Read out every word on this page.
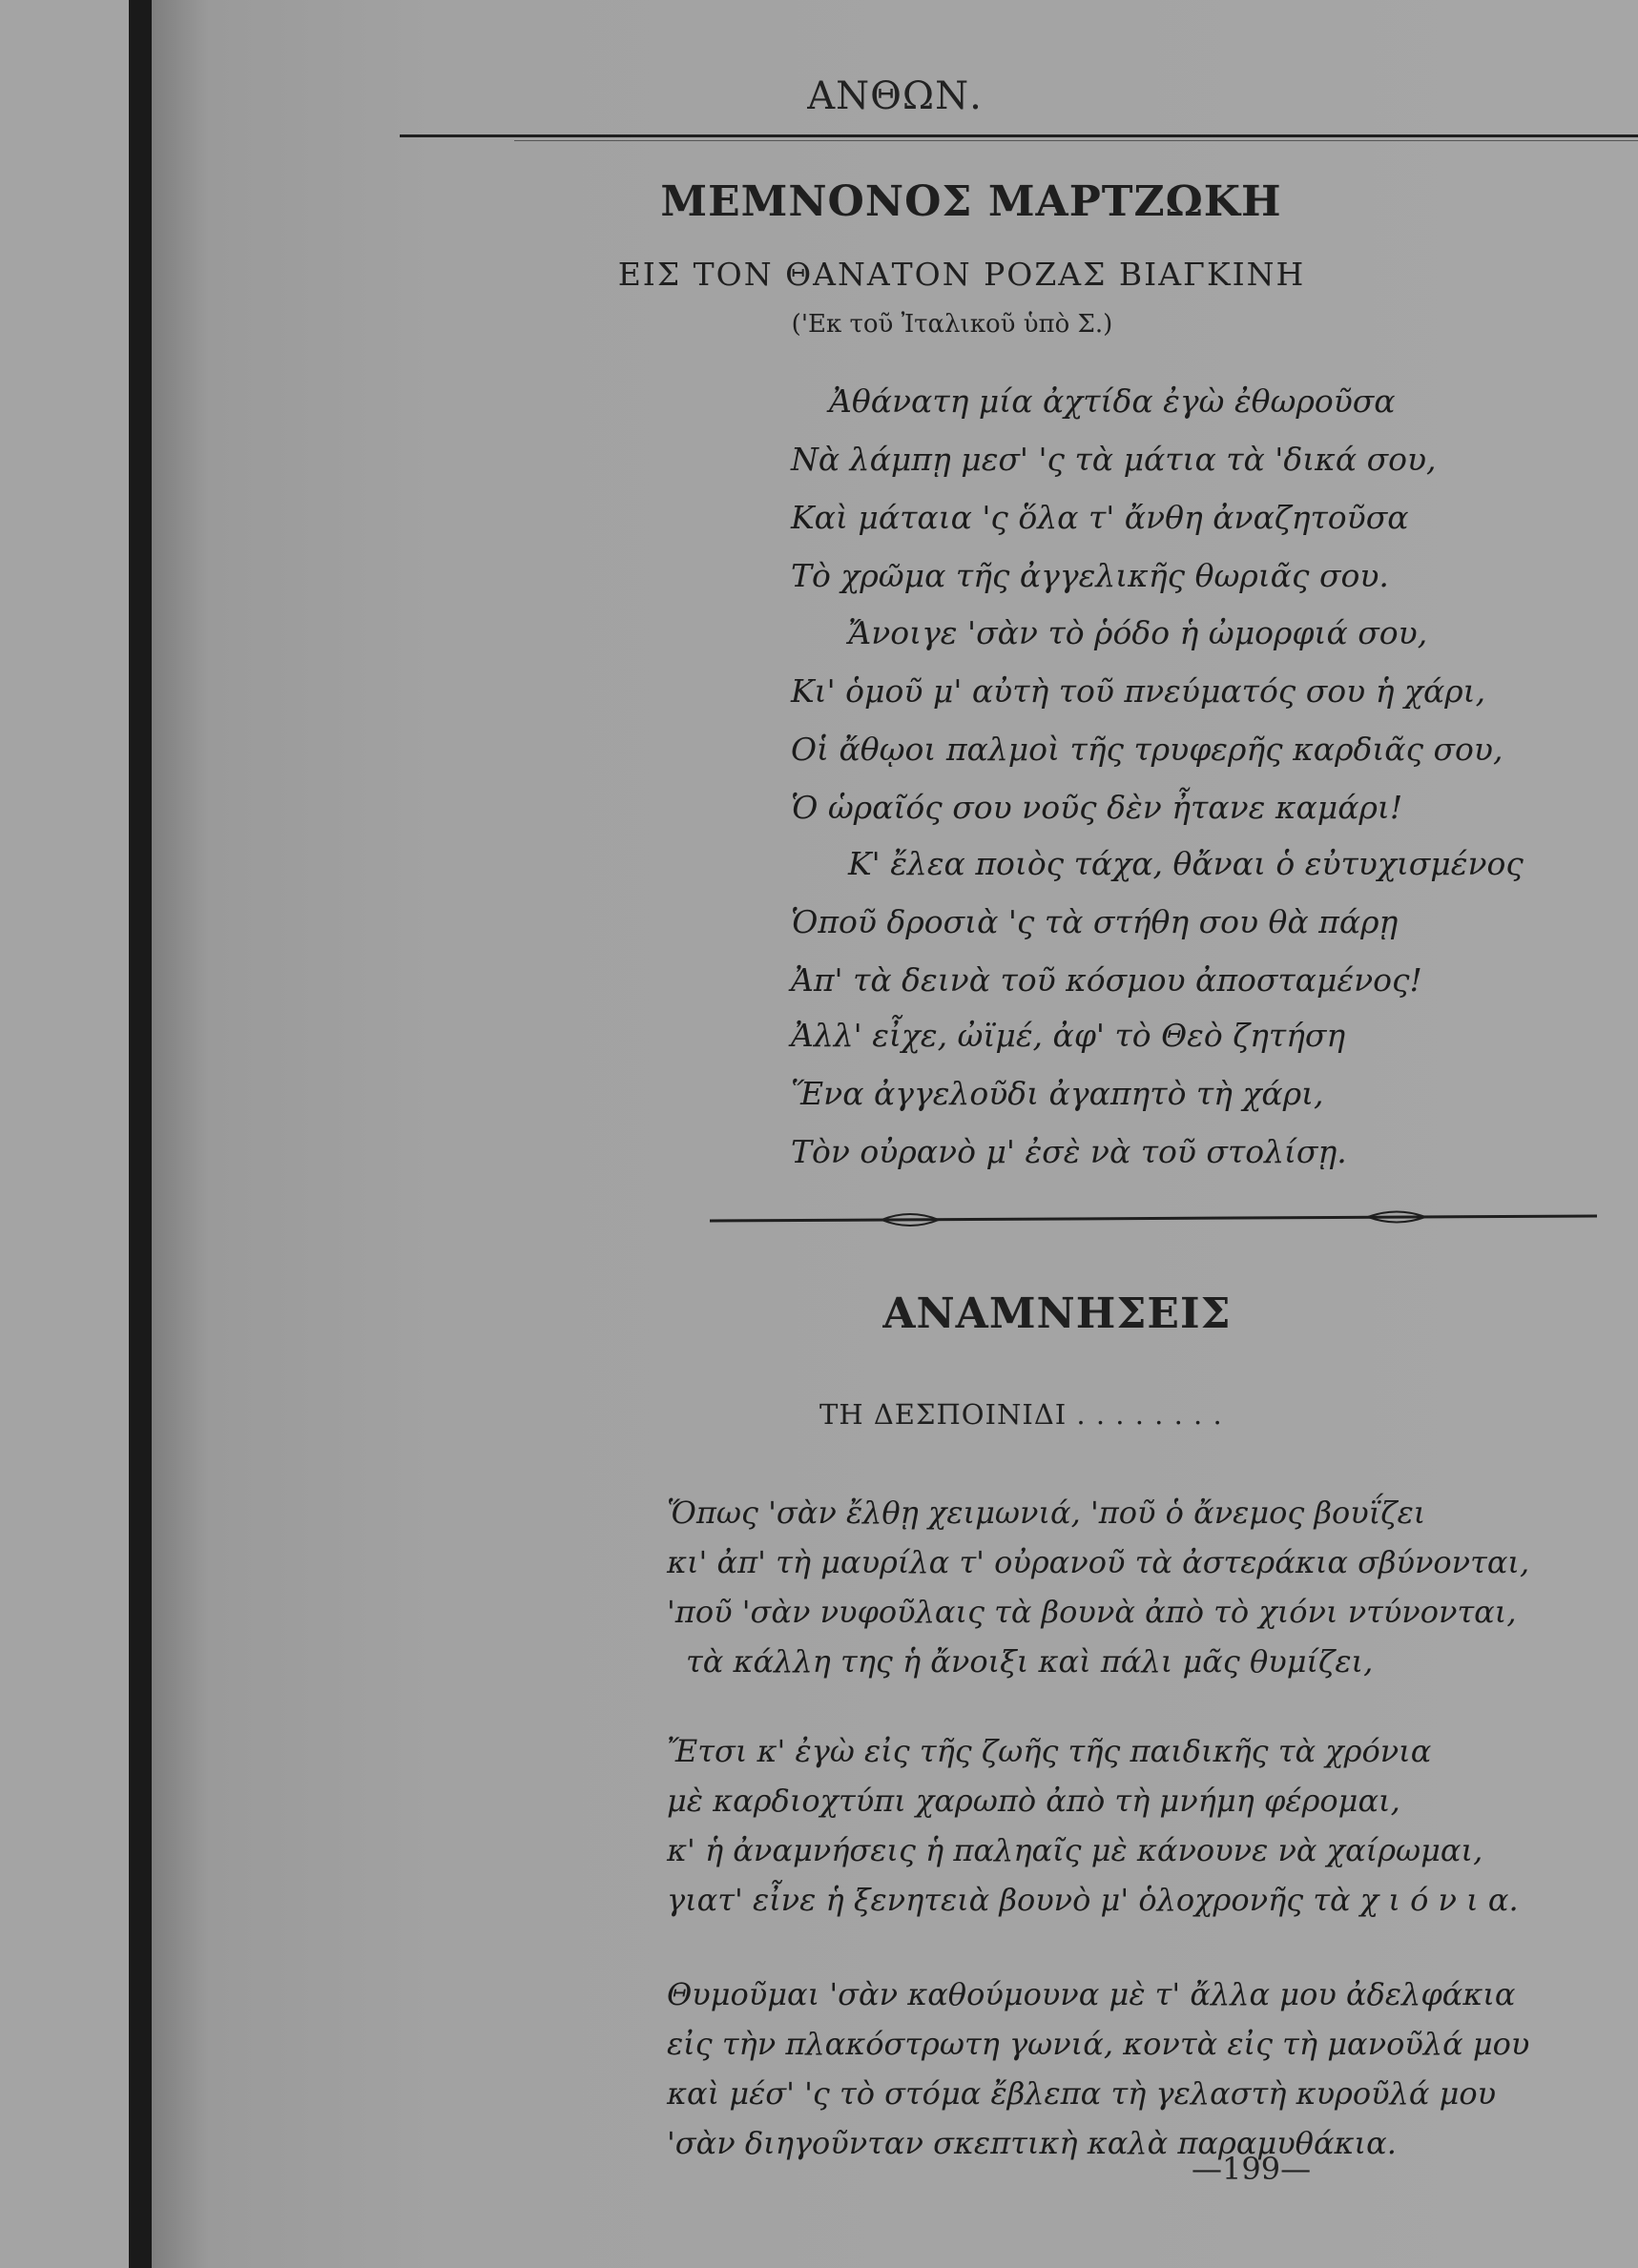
ΑΝΘΩΝ.
ΜΕΜΝΟΝΟΣ ΜΑΡΤΖΩΚΗ
ΕΙΣ ΤΟΝ ΘΑΝΑΤΟΝ ΡΟΖΑΣ ΒΙΑΓΚΙΝΗ
('Εκ τοῦ Ἰταλικοῦ ὑπὸ Σ.)
Ἀθάνατη μία ἀχτίδα ἐγὼ ἐθωροῦσα
Νὰ λάμπῃ μεσ' 'ς τὰ μάτια τὰ 'δικά σου,
Καὶ μάταια 'ς ὅλα τ' ἄνθη ἀναζητοῦσα
Τὸ χρῶμα τῆς ἀγγελικῆς θωριᾶς σου.
Ἄνοιγε 'σὰν τὸ ῥόδο ἡ ὠμορφιά σου,
Κι' ὁμοῦ μ' αὐτὴ τοῦ πνεύματός σου ἡ χάρι,
Οἱ ἄθῳοι παλμοὶ τῆς τρυφερῆς καρδιᾶς σου,
Ὁ ὡραῖός σου νοῦς δὲν ἦτανε καμάρι!
Κ' ἔλεα ποιὸς τάχα, θἄναι ὁ εὐτυχισμένος
Ὁποῦ δροσιὰ 'ς τὰ στήθη σου θὰ πάρῃ
Ἀπ' τὰ δεινὰ τοῦ κόσμου ἀποσταμένος!
Ἀλλ' εἶχε, ὠϊμέ, ἀφ' τὸ Θεὸ ζητήση
Ἕνα ἀγγελοῦδι ἀγαπητὸ τὴ χάρι,
Τὸν οὐρανὸ μ' ἐσὲ νὰ τοῦ στολίσῃ.
ΑΝΑΜΝΗΣΕΙΣ
ΤΗ ΔΕΣΠΟΙΝΙΔΙ . . . . . . . .
Ὅπως 'σὰν ἔλθῃ χειμωνιά, 'ποῦ ὁ ἄνεμος βουΐζει
κι' ἀπ' τὴ μαυρίλα τ' οὐρανοῦ τὰ ἀστεράκια σβύνονται,
'ποῦ 'σὰν νυφοῦλαις τὰ βουνὰ ἀπὸ τὸ χιόνι ντύνονται,
τὰ κάλλη της ἡ ἄνοιξι καὶ πάλι μᾶς θυμίζει,
Ἔτσι κ' ἐγὼ εἰς τῆς ζωῆς τῆς παιδικῆς τὰ χρόνια
μὲ καρδιοχτύπι χαρωπὸ ἀπὸ τὴ μνήμη φέρομαι,
κ' ἡ ἀναμνήσεις ἡ παληαῖς μὲ κάνουνε νὰ χαίρωμαι,
γιατ' εἶνε ἡ ξενητειὰ βουνὸ μ' ὁλοχρονῆς τὰ χ ι ό ν ι α.
Θυμοῦμαι 'σὰν καθούμουνα μὲ τ' ἄλλα μου ἀδελφάκια
εἰς τὴν πλακόστρωτη γωνιά, κοντὰ εἰς τὴ μανοῦλά μου
καὶ μέσ' 'ς τὸ στόμα ἔβλεπα τὴ γελαστὴ κυροῦλά μου
'σὰν διηγοῦνταν σκεπτικὴ καλὰ παραμυθάκια.
—199—
